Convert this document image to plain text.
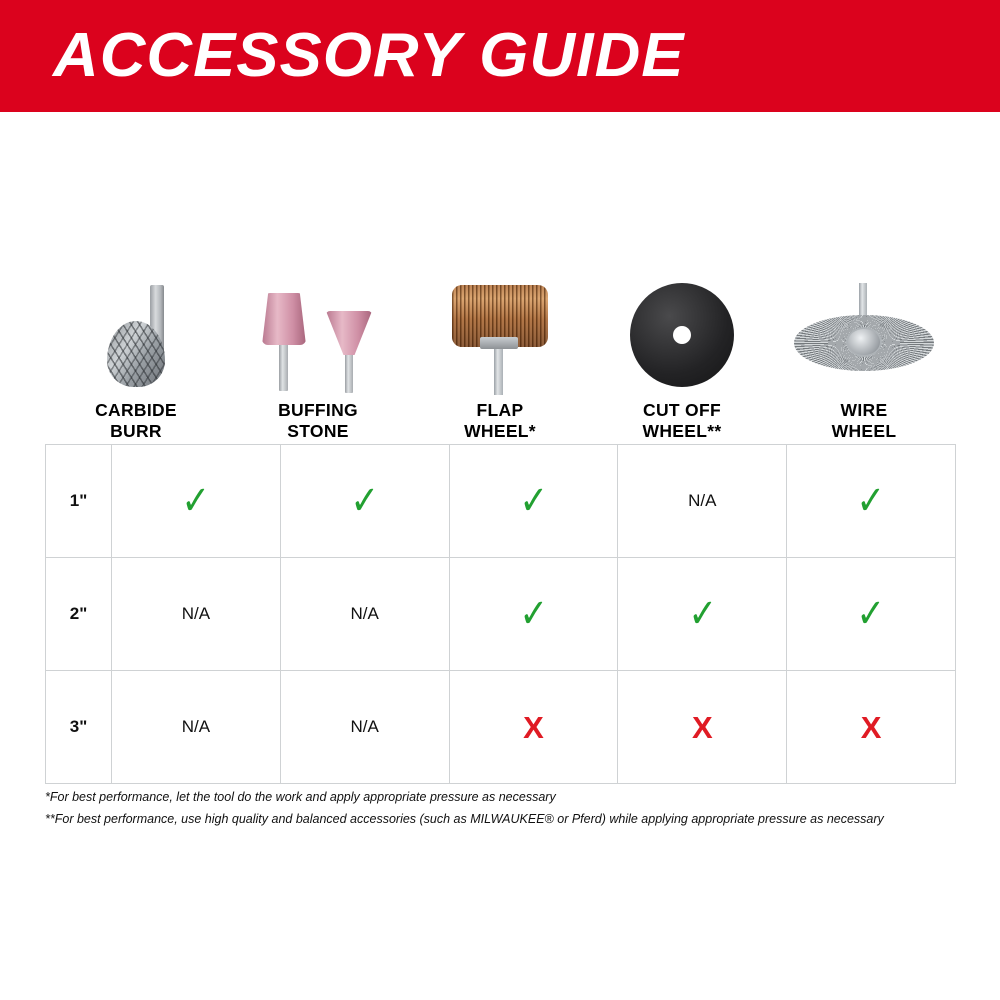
ACCESSORY GUIDE
CARBIDE
BURR
BUFFING
STONE
FLAP
WHEEL*
CUT OFF
WHEEL**
WIRE
WHEEL
1"	✓	✓	✓	N/A	✓
2"	N/A	N/A	✓	✓	✓
3"	N/A	N/A	X	X	X
*For best performance, let the tool do the work and apply appropriate pressure as necessary
**For best performance, use high quality and balanced accessories (such as MILWAUKEE® or Pferd) while applying appropriate pressure as necessary
